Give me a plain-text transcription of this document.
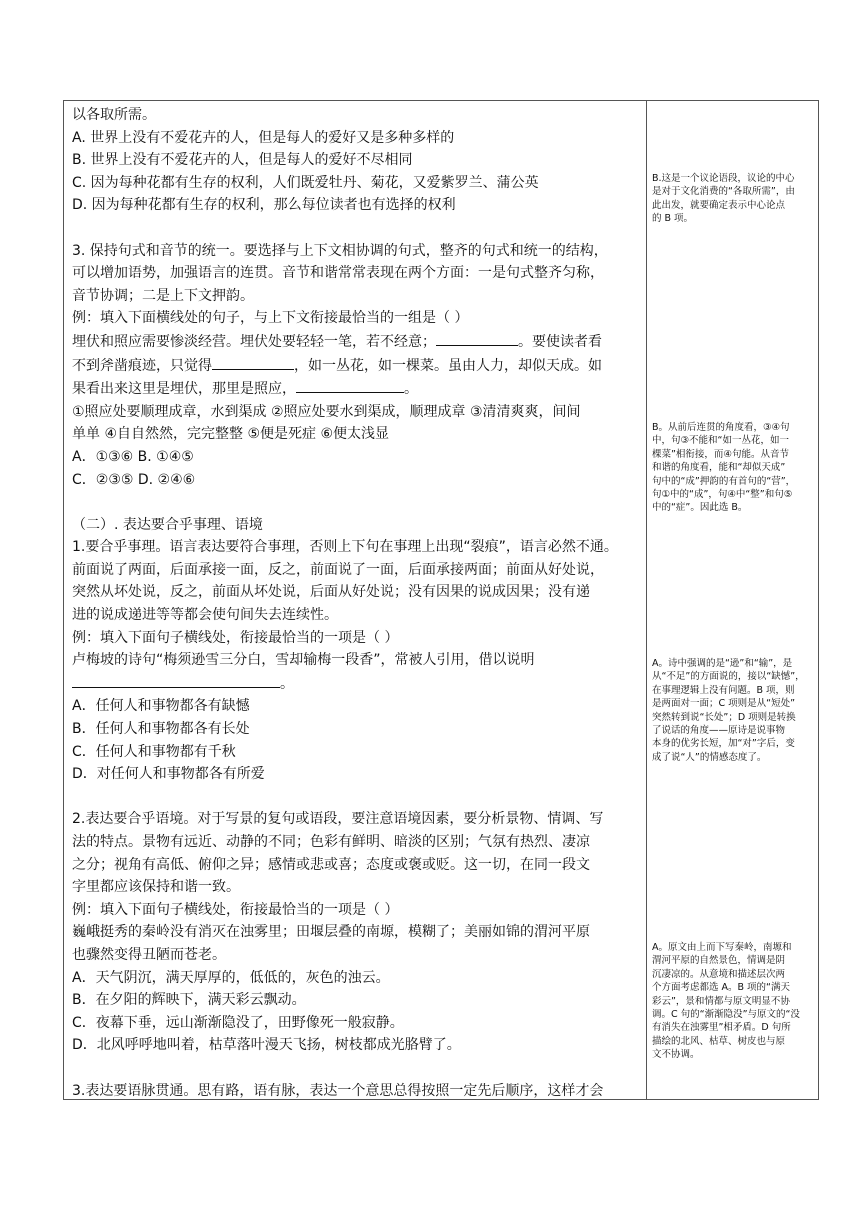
以各取所需。

A. 世界上没有不爱花卉的人，但是每人的爱好又是多种多样的

B. 世界上没有不爱花卉的人，但是每人的爱好不尽相同

C. 因为每种花都有生存的权利，人们既爱牡丹、菊花，又爱紫罗兰、蒲公英

D. 因为每种花都有生存的权利，那么每位读者也有选择的权利

3. 保持句式和音节的统一。要选择与上下文相协调的句式，整齐的句式和统一的结构，

可以增加语势，加强语言的连贯。音节和谐常常表现在两个方面：一是句式整齐匀称，

音节协调；二是上下文押韵。

例：填入下面横线处的句子，与上下文衔接最恰当的一组是（ ）

埋伏和照应需要惨淡经营。埋伏处要轻轻一笔，若不经意；	。要使读者看

不到斧凿痕迹，只觉得	，如一丛花，如一棵菜。虽由人力，却似天成。如

果看出来这里是埋伏，那里是照应，	。

①照应处要顺理成章，水到渠成 ②照应处要水到渠成，顺理成章 ③清清爽爽，间间

单单 ④自自然然，完完整整 ⑤便是死症 ⑥便太浅显

A．①③⑥ B. ①④⑤

C．②③⑤ D. ②④⑥

（二）. 表达要合乎事理、语境

1.要合乎事理。语言表达要符合事理，否则上下句在事理上出现“裂痕”，语言必然不通。

前面说了两面，后面承接一面，反之，前面说了一面，后面承接两面；前面从好处说，

突然从坏处说，反之，前面从坏处说，后面从好处说；没有因果的说成因果；没有递

进的说成递进等等都会使句间失去连续性。

例：填入下面句子横线处，衔接最恰当的一项是（ ）

卢梅坡的诗句“梅须逊雪三分白，雪却输梅一段香”，常被人引用，借以说明

。

A．任何人和事物都各有缺憾

B．任何人和事物都各有长处

C．任何人和事物都有千秋

D．对任何人和事物都各有所爱

2.表达要合乎语境。对于写景的复句或语段，要注意语境因素，要分析景物、情调、写

法的特点。景物有远近、动静的不同；色彩有鲜明、暗淡的区别；气氛有热烈、凄凉

之分；视角有高低、俯仰之异；感情或悲或喜；态度或褒或贬。这一切，在同一段文

字里都应该保持和谐一致。

例：填入下面句子横线处，衔接最恰当的一项是（ ）

巍峨挺秀的秦岭没有消灭在浊雾里；田堰层叠的南塬，模糊了；美丽如锦的渭河平原

也骤然变得丑陋而苍老。

A．天气阴沉，满天厚厚的，低低的，灰色的浊云。

B．在夕阳的辉映下，满天彩云飘动。

C．夜幕下垂，远山渐渐隐没了，田野像死一般寂静。

D．北风呼呼地叫着，枯草落叶漫天飞扬，树枝都成光胳臂了。

3.表达要语脉贯通。思有路，语有脉，表达一个意思总得按照一定先后顺序，这样才会

B.这是一个议论语段，议论的中心
是对于文化消费的“各取所需”，由
此出发，就要确定表示中心论点
的 B 项。
B。从前后连贯的角度看，③④句
中，句③不能和“如一丛花，如一
棵菜”相衔接，而④句能。从音节
和谐的角度看，能和“却似天成”
句中的“成”押韵的有首句的“营”，
句①中的“成”，句④中“整”和句⑤
中的“症”。因此选 B。
A。诗中强调的是“逊”和“输”，是
从“不足”的方面说的，接以“缺憾”，
在事理逻辑上没有问题。B 项，则
是两面对一面；C 项则是从“短处”
突然转到说“长处”；D 项则是转换
了说话的角度——原诗是说事物
本身的优劣长短，加“对”字后，变
成了说“人”的情感态度了。
A。原文由上而下写秦岭，南塬和
渭河平原的自然景色，情调是阴
沉凄凉的。从意境和描述层次两
个方面考虑都选 A。B 项的“满天
彩云”，景和情都与原文明显不协
调。C 句的“渐渐隐没”与原文的“没
有消失在浊雾里”相矛盾。D 句所
描绘的北风、枯草、树皮也与原
文不协调。
